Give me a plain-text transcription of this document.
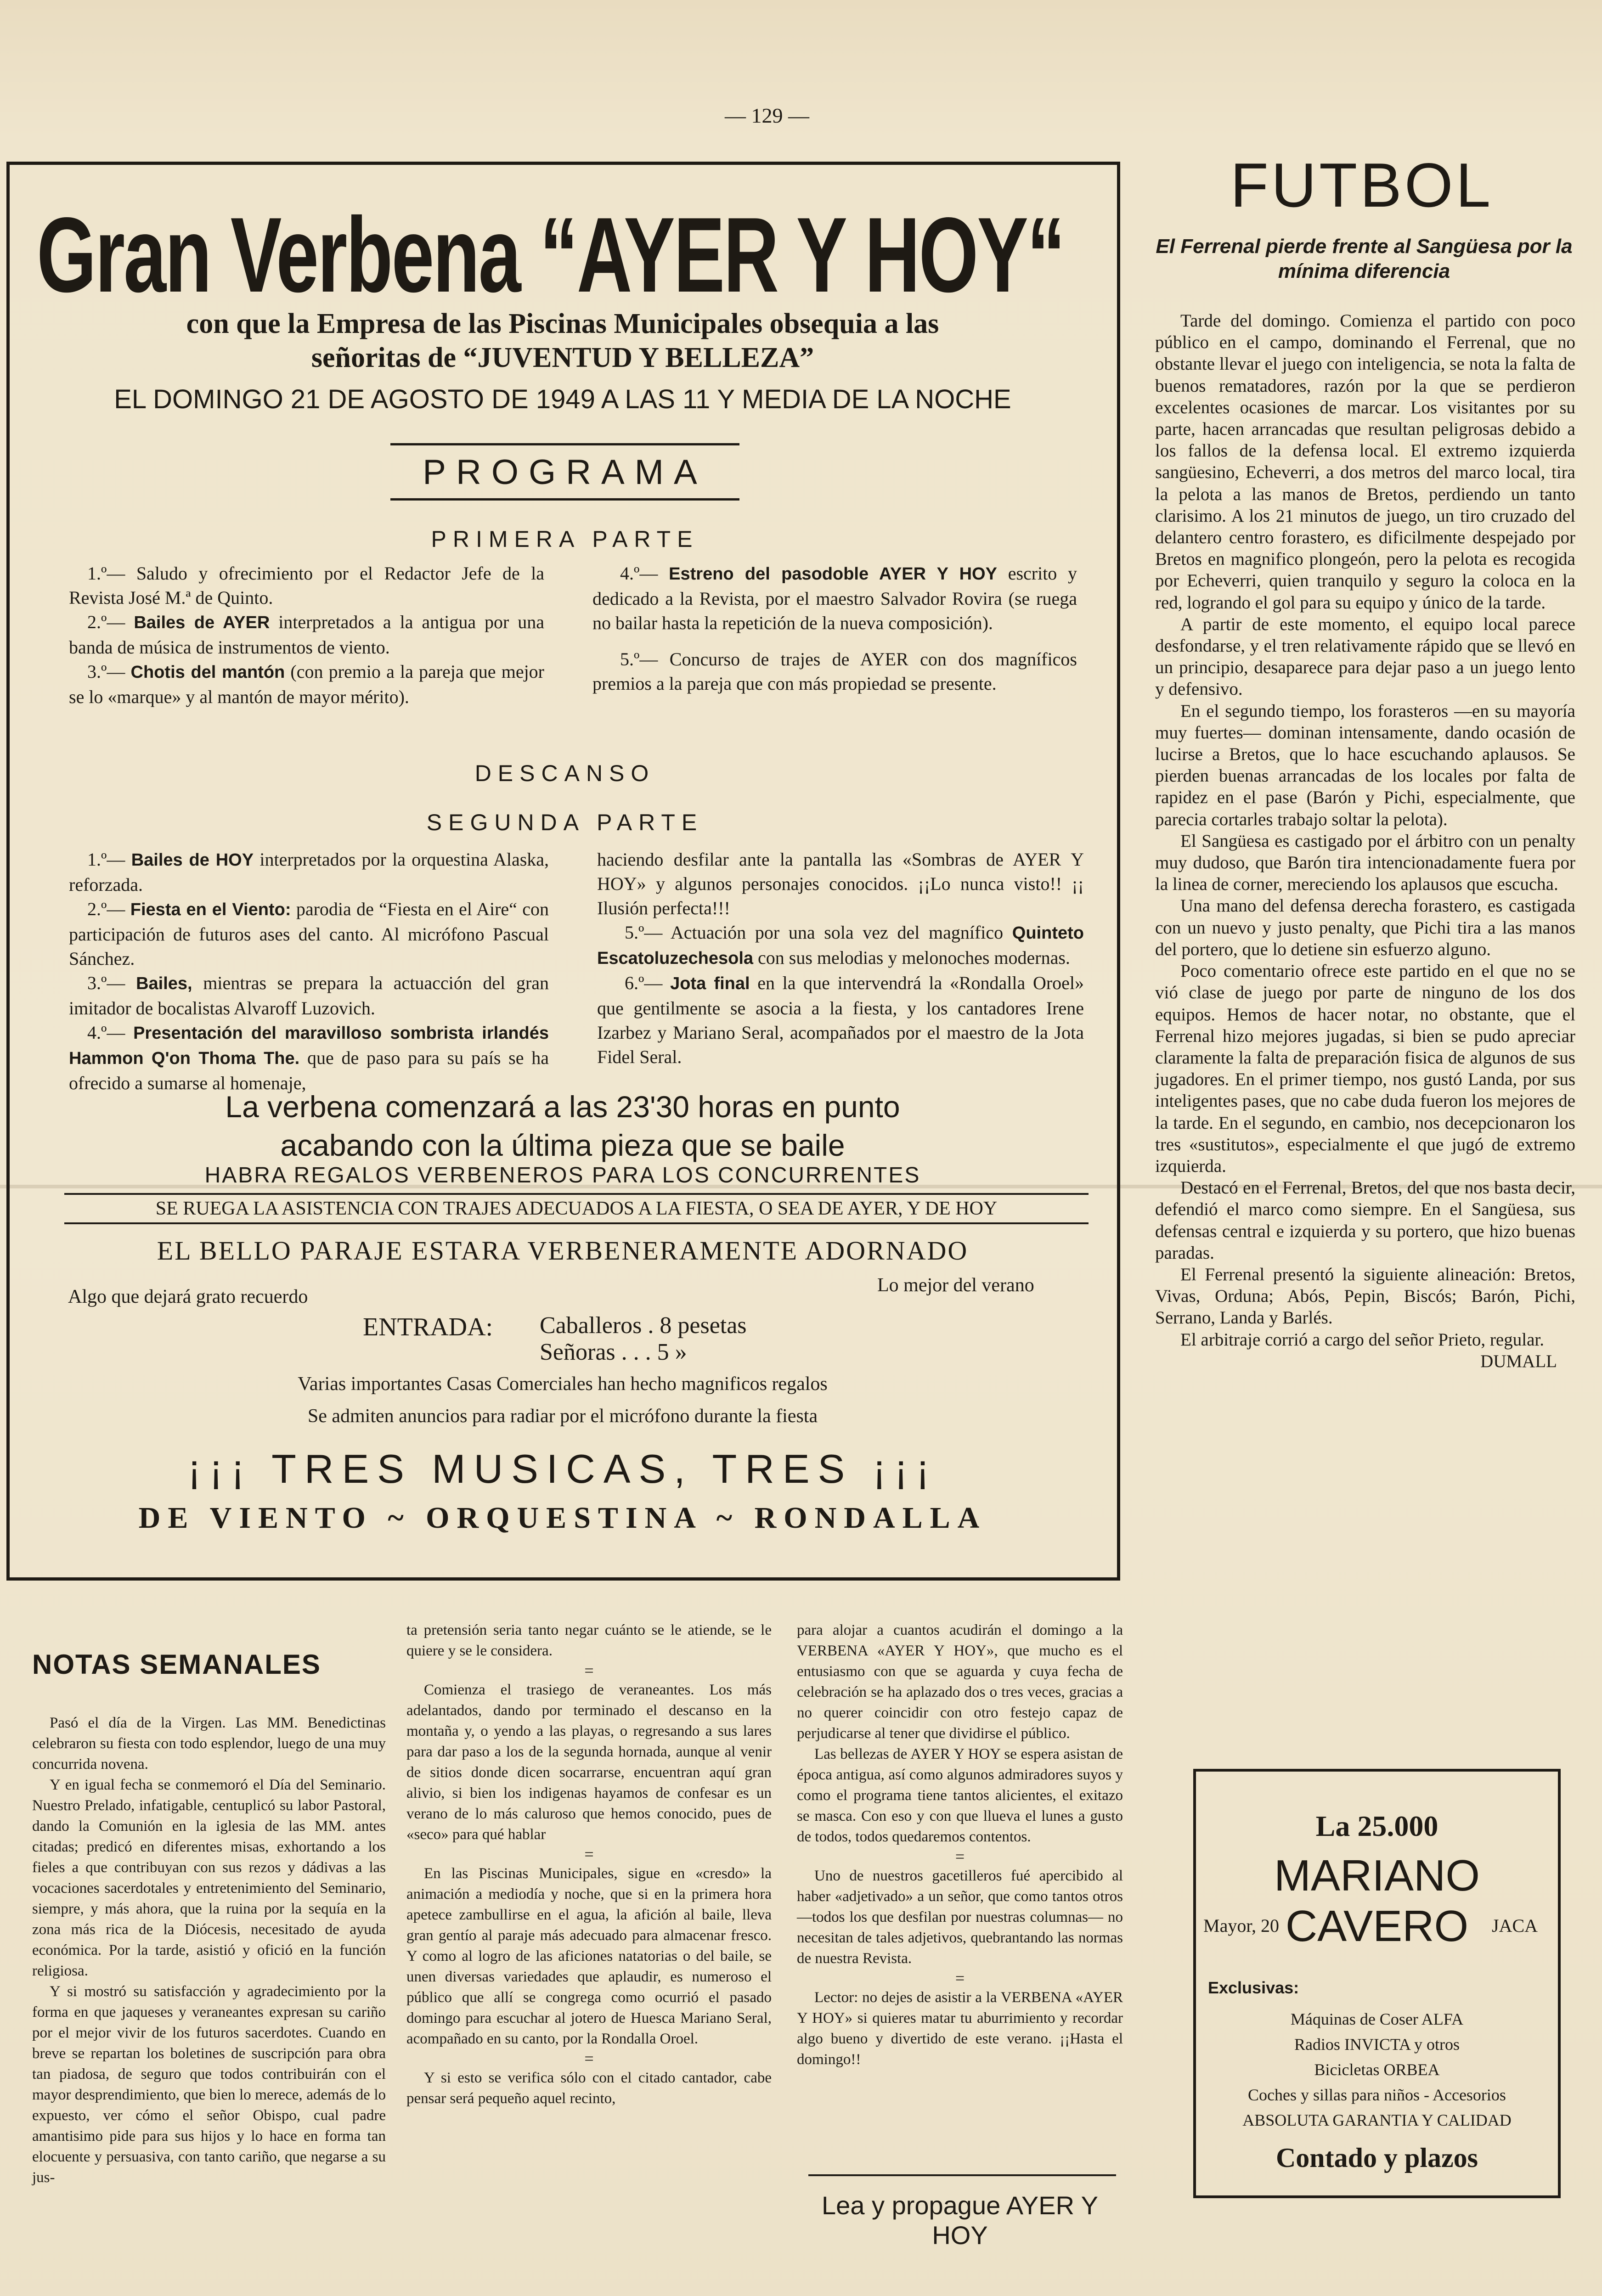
— 129 —
Gran Verbena “AYER Y HOY“
con que la Empresa de las Piscinas Municipales obsequia a las
señoritas de “JUVENTUD Y BELLEZA”
EL DOMINGO 21 DE AGOSTO DE 1949 A LAS 11 Y MEDIA DE LA NOCHE
PROGRAMA
PRIMERA PARTE

1.º— Saludo y ofrecimiento por el Redactor Jefe de la Revista José M.ª de Quinto.

2.º— Bailes de AYER interpretados a la antigua por una banda de música de instrumentos de viento.

3.º— Chotis del mantón (con premio a la pareja que mejor se lo «marque» y al mantón de mayor mérito).

4.º— Estreno del pasodoble AYER Y HOY escrito y dedicado a la Revista, por el maestro Salvador Rovira (se ruega no bailar hasta la repetición de la nueva composición).

5.º— Concurso de trajes de AYER con dos magníficos premios a la pareja que con más propiedad se presente.

DESCANSO
SEGUNDA PARTE

1.º— Bailes de HOY interpretados por la orquestina Alaska, reforzada.

2.º— Fiesta en el Viento: parodia de “Fiesta en el Aire“ con participación de futuros ases del canto. Al micrófono Pascual Sánchez.

3.º— Bailes, mientras se prepara la actuacción del gran imitador de bocalistas Alvaroff Luzovich.

4.º— Presentación del maravilloso sombrista irlandés Hammon Q'on Thoma The. que de paso para su país se ha ofrecido a sumarse al homenaje,

haciendo desfilar ante la pantalla las «Sombras de AYER Y HOY» y algunos personajes conocidos. ¡¡Lo nunca visto!! ¡¡ Ilusión perfecta!!!

5.º— Actuación por una sola vez del magnífico Quinteto Escatoluzechesola con sus melodias y melonoches modernas.

6.º— Jota final en la que intervendrá la «Rondalla Oroel» que gentilmente se asocia a la fiesta, y los cantadores Irene Izarbez y Mariano Seral, acompañados por el maestro de la Jota Fidel Seral.

La verbena comenzará a las 23'30 horas en punto
acabando con la última pieza que se baile
HABRA REGALOS VERBENEROS PARA LOS CONCURRENTES
SE RUEGA LA ASISTENCIA CON TRAJES ADECUADOS A LA FIESTA, O SEA DE AYER, Y DE HOY
EL BELLO PARAJE ESTARA VERBENERAMENTE ADORNADO
Algo que dejará grato recuerdo
Lo mejor del verano
ENTRADA: Caballeros . 8 pesetas
Señoras . . . 5 »
Varias importantes Casas Comerciales han hecho magnificos regalos
Se admiten anuncios para radiar por el micrófono durante la fiesta
¡¡¡ TRES MUSICAS, TRES ¡¡¡
DE VIENTO ~ ORQUESTINA ~ RONDALLA
FUTBOL
El Ferrenal pierde frente al Sangüesa por la mínima diferencia

Tarde del domingo. Comienza el partido con poco público en el campo, dominando el Ferrenal, que no obstante llevar el juego con inteligencia, se nota la falta de buenos rematadores, razón por la que se perdieron excelentes ocasiones de marcar. Los visitantes por su parte, hacen arrancadas que resultan peligrosas debido a los fallos de la defensa local. El extremo izquierda sangüesino, Echeverri, a dos metros del marco local, tira la pelota a las manos de Bretos, perdiendo un tanto clarisimo. A los 21 minutos de juego, un tiro cruzado del delantero centro forastero, es dificilmente despejado por Bretos en magnifico plongeón, pero la pelota es recogida por Echeverri, quien tranquilo y seguro la coloca en la red, logrando el gol para su equipo y único de la tarde.

A partir de este momento, el equipo local parece desfondarse, y el tren relativamente rápido que se llevó en un principio, desaparece para dejar paso a un juego lento y defensivo.

En el segundo tiempo, los forasteros —en su mayoría muy fuertes— dominan intensamente, dando ocasión de lucirse a Bretos, que lo hace escuchando aplausos. Se pierden buenas arrancadas de los locales por falta de rapidez en el pase (Barón y Pichi, especialmente, que parecia cortarles trabajo soltar la pelota).

El Sangüesa es castigado por el árbitro con un penalty muy dudoso, que Barón tira intencionadamente fuera por la linea de corner, mereciendo los aplausos que escucha.

Una mano del defensa derecha forastero, es castigada con un nuevo y justo penalty, que Pichi tira a las manos del portero, que lo detiene sin esfuerzo alguno.

Poco comentario ofrece este partido en el que no se vió clase de juego por parte de ninguno de los dos equipos. Hemos de hacer notar, no obstante, que el Ferrenal hizo mejores jugadas, si bien se pudo apreciar claramente la falta de preparación fisica de algunos de sus jugadores. En el primer tiempo, nos gustó Landa, por sus inteligentes pases, que no cabe duda fueron los mejores de la tarde. En el segundo, en cambio, nos decepcionaron los tres «sustitutos», especialmente el que jugó de extremo izquierda.

Destacó en el Ferrenal, Bretos, del que nos basta decir, defendió el marco como siempre. En el Sangüesa, sus defensas central e izquierda y su portero, que hizo buenas paradas.

El Ferrenal presentó la siguiente alineación: Bretos, Vivas, Orduna; Abós, Pepin, Biscós; Barón, Pichi, Serrano, Landa y Barlés.

El arbitraje corrió a cargo del señor Prieto, regular.

DUMALL

La 25.000
MARIANO CAVERO
Mayor, 20	JACA
Exclusivas:
Máquinas de Coser ALFA
Radios INVICTA y otros
Bicicletas ORBEA
Coches y sillas para niños - Accesorios
ABSOLUTA GARANTIA Y CALIDAD
Contado y plazos
NOTAS SEMANALES

Pasó el día de la Virgen. Las MM. Benedictinas celebraron su fiesta con todo esplendor, luego de una muy concurrida novena.

Y en igual fecha se conmemoró el Día del Seminario. Nuestro Prelado, infatigable, centuplicó su labor Pastoral, dando la Comunión en la iglesia de las MM. antes citadas; predicó en diferentes misas, exhortando a los fieles a que contribuyan con sus rezos y dádivas a las vocaciones sacerdotales y entretenimiento del Seminario, siempre, y más ahora, que la ruina por la sequía en la zona más rica de la Diócesis, necesitado de ayuda económica. Por la tarde, asistió y ofició en la función religiosa.

Y si mostró su satisfacción y agradecimiento por la forma en que jaqueses y veraneantes expresan su cariño por el mejor vivir de los futuros sacerdotes. Cuando en breve se repartan los boletines de suscripción para obra tan piadosa, de seguro que todos contribuirán con el mayor desprendimiento, que bien lo merece, además de lo expuesto, ver cómo el señor Obispo, cual padre amantisimo pide para sus hijos y lo hace en forma tan elocuente y persuasiva, con tanto cariño, que negarse a su jus-

ta pretensión seria tanto negar cuánto se le atiende, se le quiere y se le considera.

=

Comienza el trasiego de veraneantes. Los más adelantados, dando por terminado el descanso en la montaña y, o yendo a las playas, o regresando a sus lares para dar paso a los de la segunda hornada, aunque al venir de sitios donde dicen socarrarse, encuentran aquí gran alivio, si bien los indigenas hayamos de confesar es un verano de lo más caluroso que hemos conocido, pues de «seco» para qué hablar

=

En las Piscinas Municipales, sigue en «cresdo» la animación a mediodía y noche, que si en la primera hora apetece zambullirse en el agua, la afición al baile, lleva gran gentío al paraje más adecuado para almacenar fresco. Y como al logro de las aficiones natatorias o del baile, se unen diversas variedades que aplaudir, es numeroso el público que allí se congrega como ocurrió el pasado domingo para escuchar al jotero de Huesca Mariano Seral, acompañado en su canto, por la Rondalla Oroel.

=

Y si esto se verifica sólo con el citado cantador, cabe pensar será pequeño aquel recinto,

para alojar a cuantos acudirán el domingo a la VERBENA «AYER Y HOY», que mucho es el entusiasmo con que se aguarda y cuya fecha de celebración se ha aplazado dos o tres veces, gracias a no querer coincidir con otro festejo capaz de perjudicarse al tener que dividirse el público.

Las bellezas de AYER Y HOY se espera asistan de época antigua, así como algunos admiradores suyos y como el programa tiene tantos alicientes, el exitazo se masca. Con eso y con que llueva el lunes a gusto de todos, todos quedaremos contentos.

=

Uno de nuestros gacetilleros fué apercibido al haber «adjetivado» a un señor, que como tantos otros —todos los que desfilan por nuestras columnas— no necesitan de tales adjetivos, quebrantando las normas de nuestra Revista.

=

Lector: no dejes de asistir a la VERBENA «AYER Y HOY» si quieres matar tu aburrimiento y recordar algo bueno y divertido de este verano. ¡¡Hasta el domingo!!

Lea y propague AYER Y HOY
